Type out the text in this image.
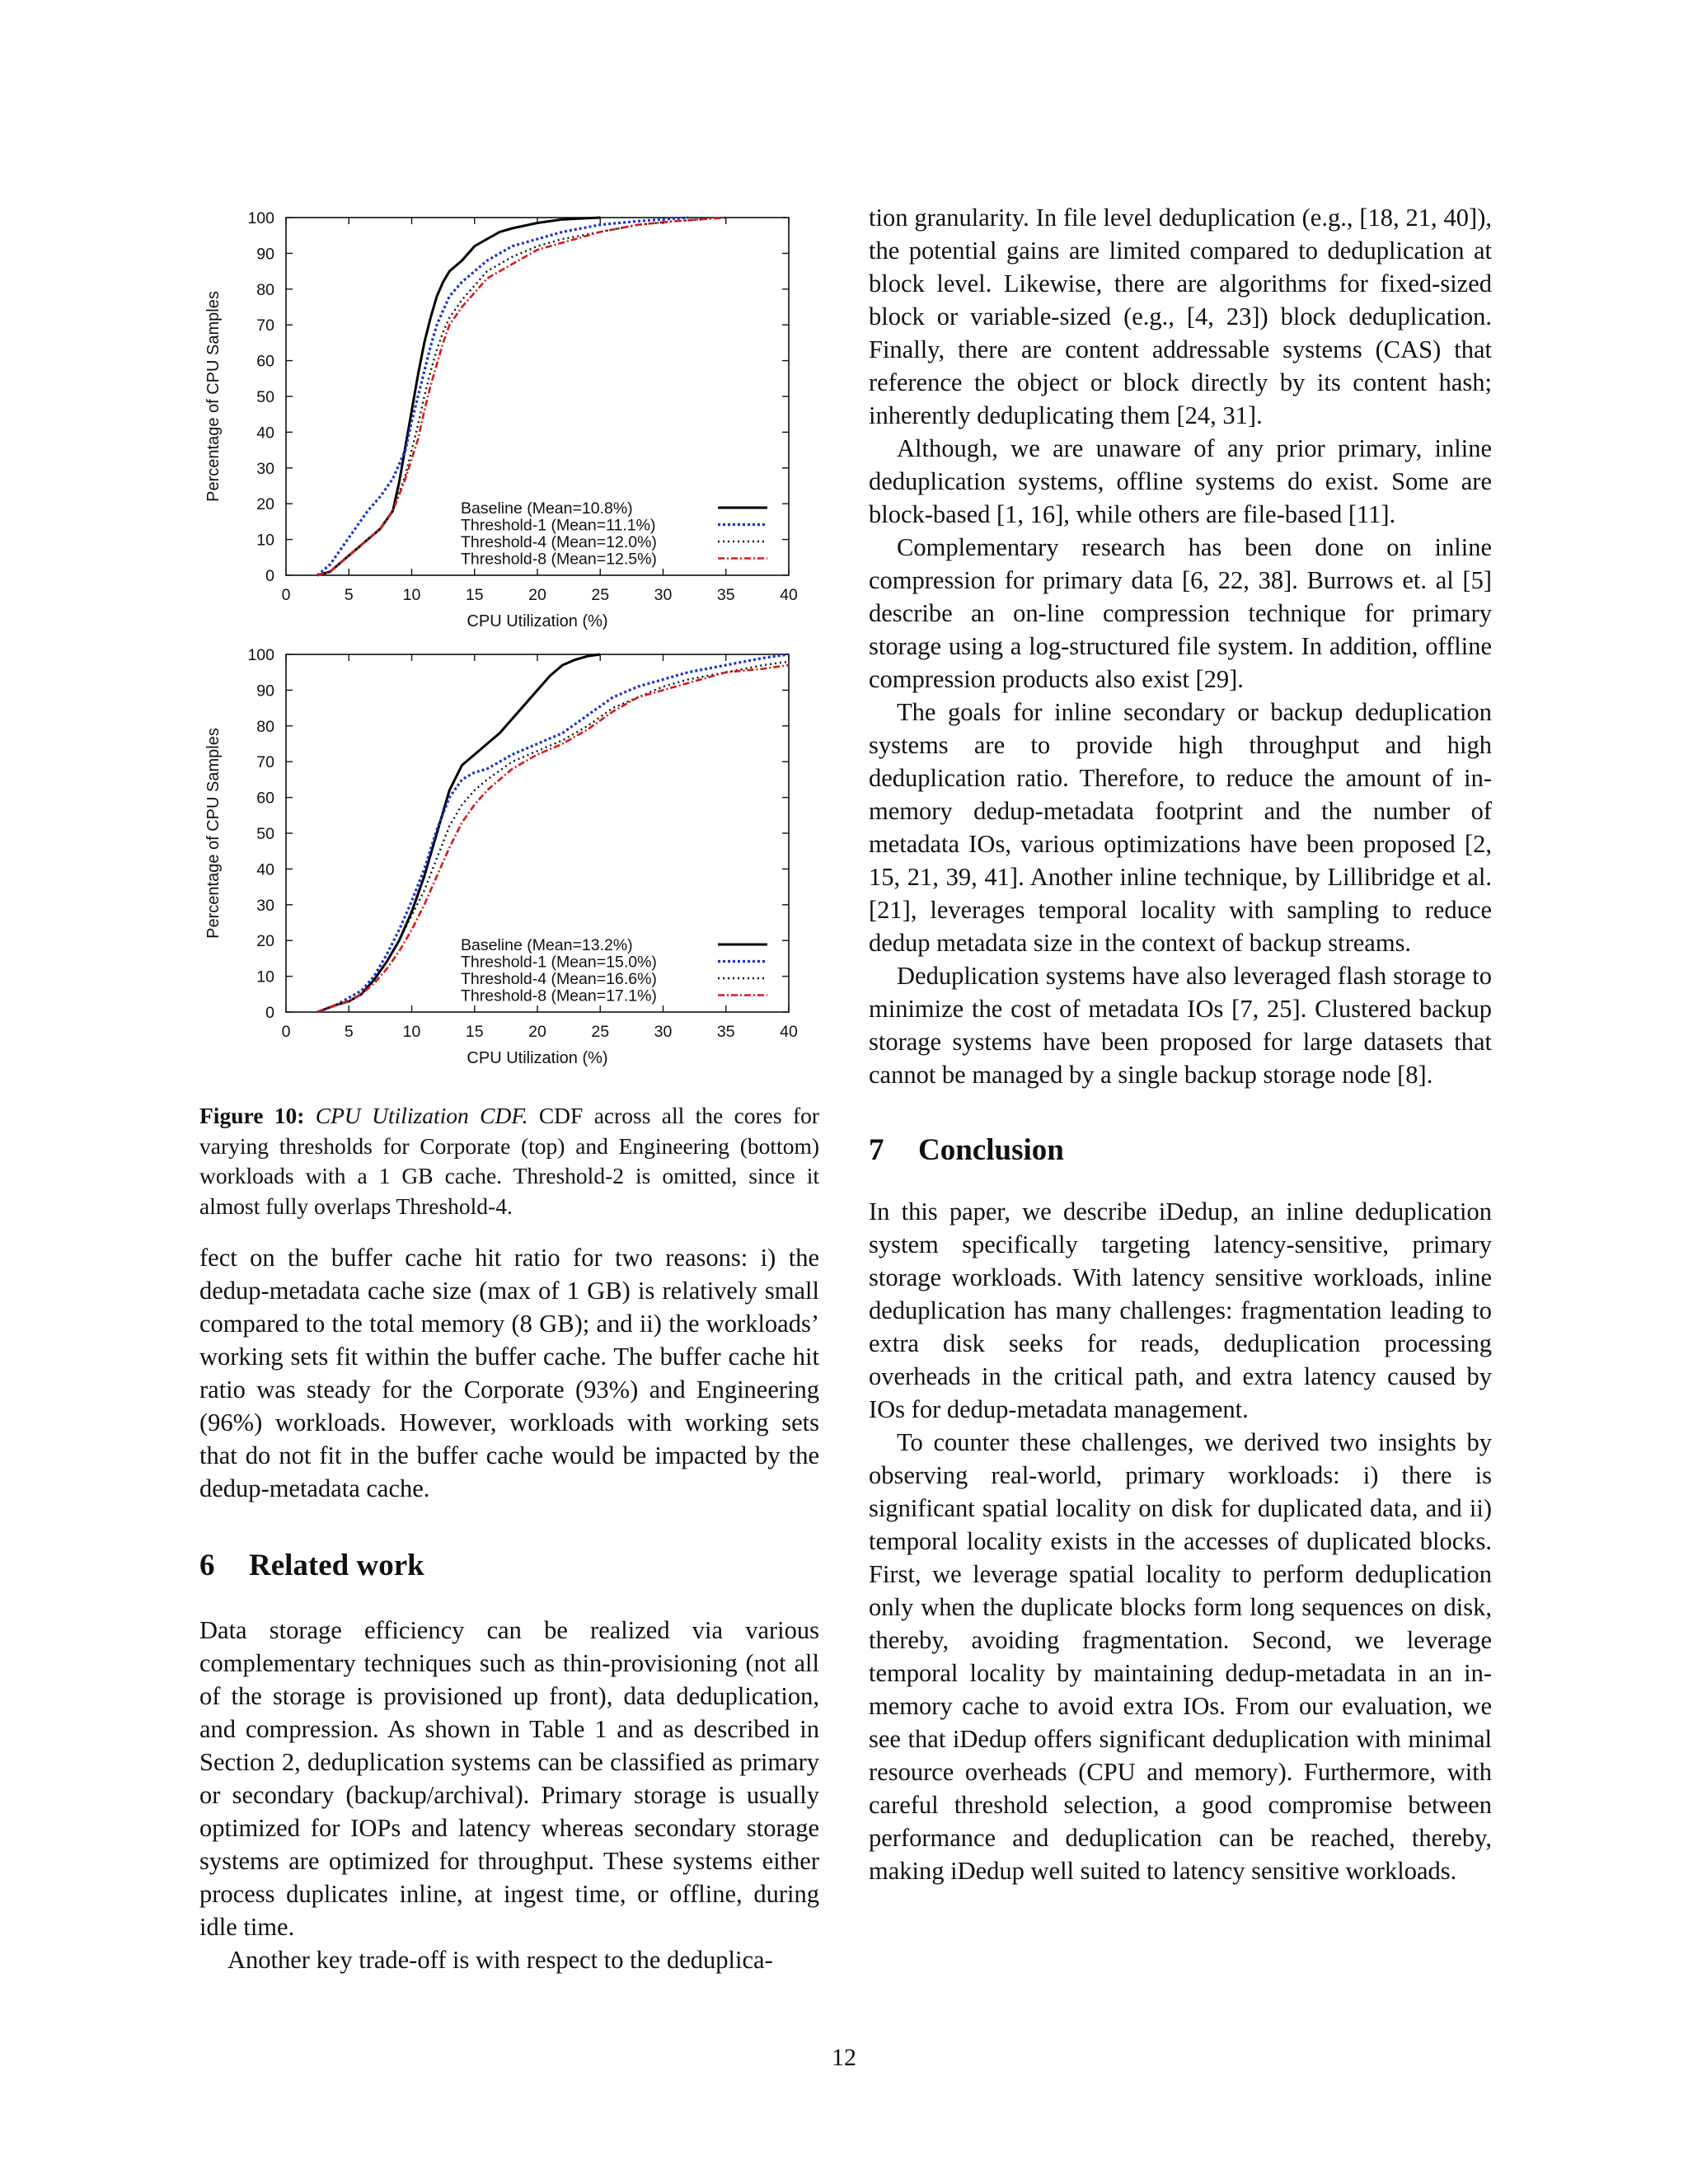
0	5	10	15	20	25	30	35	40
0
10
20
30
40
50
60
70
80
90
100
CPU Utilization (%)
Percentage of CPU Samples
Baseline (Mean=10.8%)
Threshold-1 (Mean=11.1%)
Threshold-4 (Mean=12.0%)
Threshold-8 (Mean=12.5%)
0	5	10	15	20	25	30	35	40
0
10
20
30
40
50
60
70
80
90
100
CPU Utilization (%)
Percentage of CPU Samples
Baseline (Mean=13.2%)
Threshold-1 (Mean=15.0%)
Threshold-4 (Mean=16.6%)
Threshold-8 (Mean=17.1%)
Figure 10: CPU Utilization CDF. CDF across all the cores for varying thresholds for Corporate (top) and Engineering (bottom) workloads with a 1 GB cache. Threshold-2 is omitted, since it almost fully overlaps Threshold-4.

fect on the buffer cache hit ratio for two reasons: i) the dedup-metadata cache size (max of 1 GB) is relatively small compared to the total memory (8 GB); and ii) the workloads’ working sets fit within the buffer cache. The buffer cache hit ratio was steady for the Corporate (93%) and Engineering (96%) workloads. However, workloads with working sets that do not fit in the buffer cache would be impacted by the dedup-metadata cache.

6 Related work

Data storage efficiency can be realized via various complementary techniques such as thin-provisioning (not all of the storage is provisioned up front), data deduplication, and compression. As shown in Table 1 and as described in Section 2, deduplication systems can be classified as primary or secondary (backup/archival). Primary storage is usually optimized for IOPs and latency whereas secondary storage systems are optimized for throughput. These systems either process duplicates inline, at ingest time, or offline, during idle time.

Another key trade-off is with respect to the deduplica-

tion granularity. In file level deduplication (e.g., [18, 21, 40]), the potential gains are limited compared to deduplication at block level. Likewise, there are algorithms for fixed-sized block or variable-sized (e.g., [4, 23]) block deduplication. Finally, there are content addressable systems (CAS) that reference the object or block directly by its content hash; inherently deduplicating them [24, 31].

Although, we are unaware of any prior primary, inline deduplication systems, offline systems do exist. Some are block-based [1, 16], while others are file-based [11].

Complementary research has been done on inline compression for primary data [6, 22, 38]. Burrows et. al [5] describe an on-line compression technique for primary storage using a log-structured file system. In addition, offline compression products also exist [29].

The goals for inline secondary or backup deduplication systems are to provide high throughput and high deduplication ratio. Therefore, to reduce the amount of in-memory dedup-metadata footprint and the number of metadata IOs, various optimizations have been proposed [2, 15, 21, 39, 41]. Another inline technique, by Lillibridge et al. [21], leverages temporal locality with sampling to reduce dedup metadata size in the context of backup streams.

Deduplication systems have also leveraged flash storage to minimize the cost of metadata IOs [7, 25]. Clustered backup storage systems have been proposed for large datasets that cannot be managed by a single backup storage node [8].

7 Conclusion

In this paper, we describe iDedup, an inline deduplication system specifically targeting latency-sensitive, primary storage workloads. With latency sensitive workloads, inline deduplication has many challenges: fragmentation leading to extra disk seeks for reads, deduplication processing overheads in the critical path, and extra latency caused by IOs for dedup-metadata management.

To counter these challenges, we derived two insights by observing real-world, primary workloads: i) there is significant spatial locality on disk for duplicated data, and ii) temporal locality exists in the accesses of duplicated blocks. First, we leverage spatial locality to perform deduplication only when the duplicate blocks form long sequences on disk, thereby, avoiding fragmentation. Second, we leverage temporal locality by maintaining dedup-metadata in an in-memory cache to avoid extra IOs. From our evaluation, we see that iDedup offers significant deduplication with minimal resource overheads (CPU and memory). Furthermore, with careful threshold selection, a good compromise between performance and deduplication can be reached, thereby, making iDedup well suited to latency sensitive workloads.

12
